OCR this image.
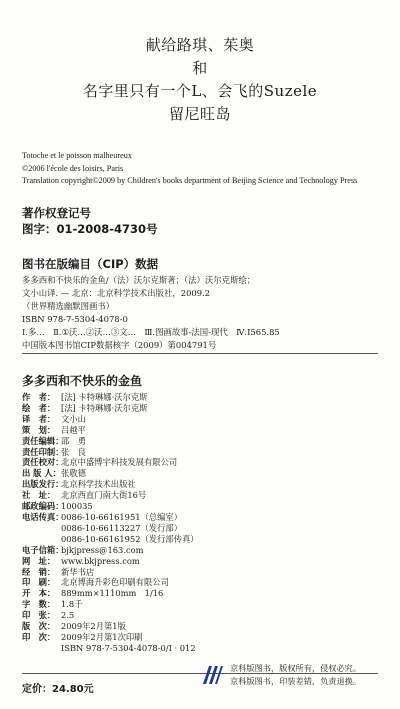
献给路琪、茱奥
和
名字里只有一个L、会飞的Suzele
留尼旺岛
Totoche et le poisson malheureux
©2006 l'école des loisirs, Paris
Translation copyright©2009 by Children's books department of Beijing Science and Technology Press
著作权登记号
图字：01-2008-4730号
图书在版编目（CIP）数据
多多西和不快乐的金鱼/（法）沃尔克斯著；（法）沃尔克斯绘；
文小山译. — 北京：北京科学技术出版社，2009.2
（世界精选幽默图画书）
ISBN 978-7-5304-4078-0
Ⅰ.多…　Ⅱ.①沃…②沃…③文…　Ⅲ.图画故事-法国-现代　Ⅳ.I565.85
中国版本图书馆CIP数据核字（2009）第004791号
多多西和不快乐的金鱼
作　者： [法] 卡特琳娜·沃尔克斯
绘　者： [法] 卡特琳娜·沃尔克斯
译　者： 文小山
策　划： 吕越平
责任编辑：
邵　勇
责任印制：
张　良
责任校对：
北京中盛博宇科技发展有限公司
出 版 人： 张敬德
出版发行：
北京科学技术出版社
社　址： 北京西直门南大街16号
邮政编码：
100035
电话传真：
0086-10-66161951（总编室）
0086-10-66113227（发行部）
0086-10-66161952（发行部传真）
电子信箱：
bjkjpress@163.com
网　址： www.bkjpress.com
经　销： 新华书店
印　刷： 北京博海升彩色印刷有限公司
开　本： 889mm×1110mm　1/16
字　数： 1.8千
印　张： 2.5
版　次： 2009年2月第1版
印　次： 2009年2月第1次印刷
ISBN 978-7-5304-4078-0/I · 012
定价：24.80元
京科版图书，版权所有，侵权必究。
京科版图书，印装差错，负责退换。
